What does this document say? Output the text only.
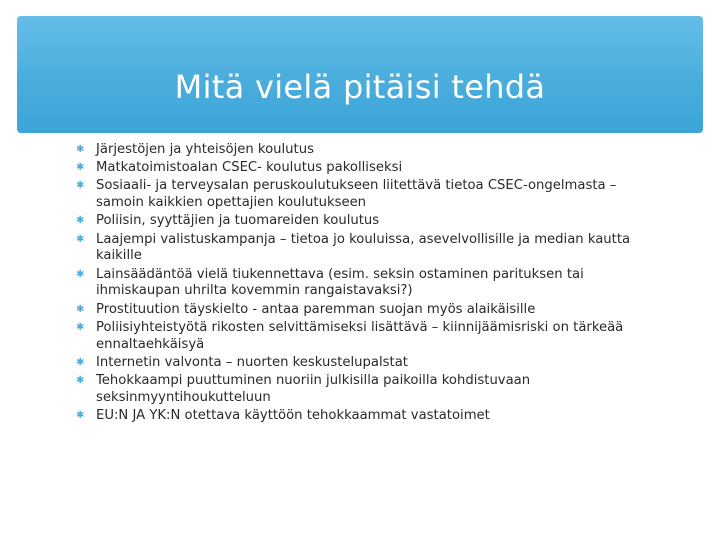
Mitä vielä pitäisi tehdä
✱ Järjestöjen ja yhteisöjen koulutus
✱ Matkatoimistoalan CSEC- koulutus pakolliseksi
✱ Sosiaali- ja terveysalan peruskoulutukseen liitettävä tietoa CSEC-ongelmasta – samoin kaikkien opettajien koulutukseen
✱ Poliisin, syyttäjien ja tuomareiden koulutus
✱ Laajempi valistuskampanja – tietoa jo kouluissa, asevelvollisille ja median kautta kaikille
✱ Lainsäädäntöä vielä tiukennettava (esim. seksin ostaminen parituksen tai ihmiskaupan uhrilta kovemmin rangaistavaksi?)
✱ Prostituution täyskielto - antaa paremman suojan myös alaikäisille
✱ Poliisiyhteistyötä rikosten selvittämiseksi lisättävä – kiinnijäämisriski on tärkeää ennaltaehkäisyä
✱ Internetin valvonta – nuorten keskustelupalstat
✱ Tehokkaampi puuttuminen nuoriin julkisilla paikoilla kohdistuvaan seksinmyyntihoukutteluun
✱ EU:N JA YK:N otettava käyttöön tehokkaammat vastatoimet
